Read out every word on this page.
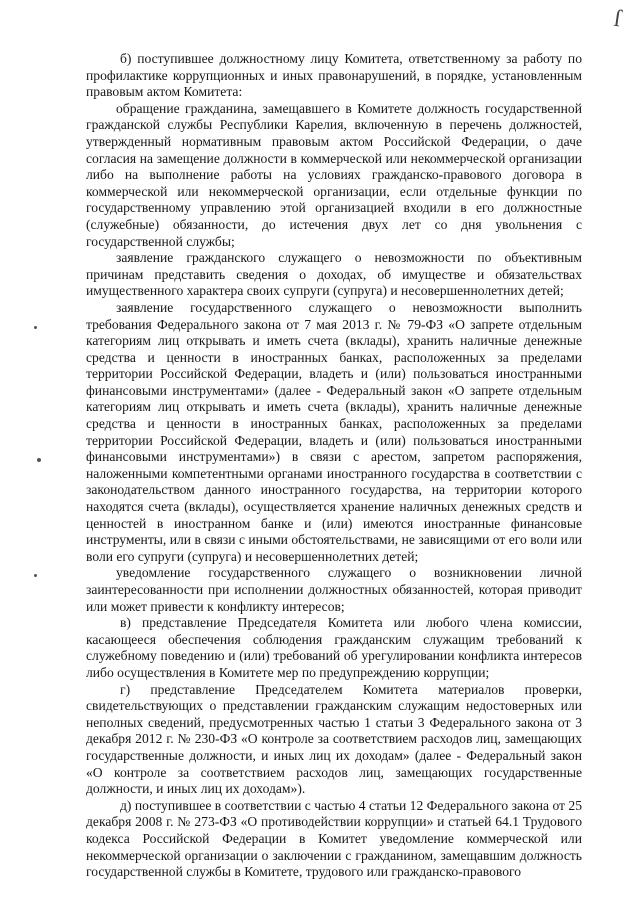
ſ

б) поступившее должностному лицу Комитета, ответственному за работу по профилактике коррупционных и иных правонарушений, в порядке, установленным правовым актом Комитета:

обращение гражданина, замещавшего в Комитете должность государственной гражданской службы Республики Карелия, включенную в перечень должностей, утвержденный нормативным правовым актом Российской Федерации, о даче согласия на замещение должности в коммерческой или некоммерческой организации либо на выполнение работы на условиях гражданско-правового договора в коммерческой или некоммерческой организации, если отдельные функции по государственному управлению этой организацией входили в его должностные (служебные) обязанности, до истечения двух лет со дня увольнения с государственной службы;

заявление гражданского служащего о невозможности по объективным причинам представить сведения о доходах, об имуществе и обязательствах имущественного характера своих супруги (супруга) и несовершеннолетних детей;

заявление государственного служащего о невозможности выполнить требования Федерального закона от 7 мая 2013 г. № 79-ФЗ «О запрете отдельным категориям лиц открывать и иметь счета (вклады), хранить наличные денежные средства и ценности в иностранных банках, расположенных за пределами территории Российской Федерации, владеть и (или) пользоваться иностранными финансовыми инструментами» (далее - Федеральный закон «О запрете отдельным категориям лиц открывать и иметь счета (вклады), хранить наличные денежные средства и ценности в иностранных банках, расположенных за пределами территории Российской Федерации, владеть и (или) пользоваться иностранными финансовыми инструментами») в связи с арестом, запретом распоряжения, наложенными компетентными органами иностранного государства в соответствии с законодательством данного иностранного государства, на территории которого находятся счета (вклады), осуществляется хранение наличных денежных средств и ценностей в иностранном банке и (или) имеются иностранные финансовые инструменты, или в связи с иными обстоятельствами, не зависящими от его воли или воли его супруги (супруга) и несовершеннолетних детей;

уведомление государственного служащего о возникновении личной заинтересованности при исполнении должностных обязанностей, которая приводит или может привести к конфликту интересов;

в) представление Председателя Комитета или любого члена комиссии, касающееся обеспечения соблюдения гражданским служащим требований к служебному поведению и (или) требований об урегулировании конфликта интересов либо осуществления в Комитете мер по предупреждению коррупции;

г) представление Председателем Комитета материалов проверки, свидетельствующих о представлении гражданским служащим недостоверных или неполных сведений, предусмотренных частью 1 статьи 3 Федерального закона от 3 декабря 2012 г. № 230-ФЗ «О контроле за соответствием расходов лиц, замещающих государственные должности, и иных лиц их доходам» (далее - Федеральный закон «О контроле за соответствием расходов лиц, замещающих государственные должности, и иных лиц их доходам»).

д) поступившее в соответствии с частью 4 статьи 12 Федерального закона от 25 декабря 2008 г. № 273-ФЗ «О противодействии коррупции» и статьей 64.1 Трудового кодекса Российской Федерации в Комитет уведомление коммерческой или некоммерческой организации о заключении с гражданином, замещавшим должность государственной службы в Комитете, трудового или гражданско-правового
